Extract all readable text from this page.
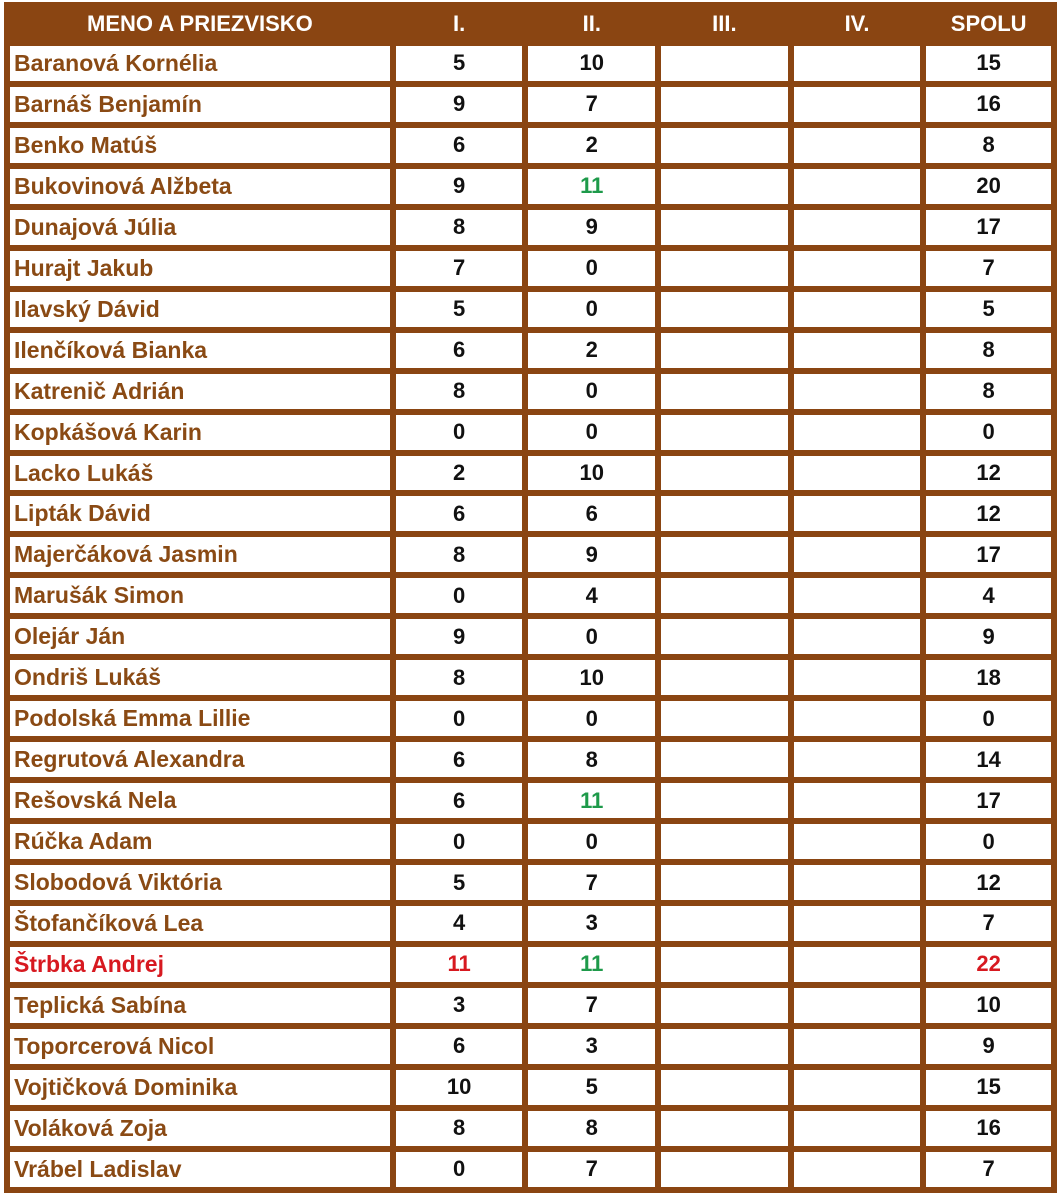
MENO A PRIEZVISKO	I.	II.	III.	IV.	SPOLU
Baranová Kornélia	5	10			15
Barnáš Benjamín	9	7			16
Benko Matúš	6	2			8
Bukovinová Alžbeta	9	11			20
Dunajová Júlia	8	9			17
Hurajt Jakub	7	0			7
Ilavský Dávid	5	0			5
Ilenčíková Bianka	6	2			8
Katrenič Adrián	8	0			8
Kopkášová Karin	0	0			0
Lacko Lukáš	2	10			12
Lipták Dávid	6	6			12
Majerčáková Jasmin	8	9			17
Marušák Simon	0	4			4
Olejár Ján	9	0			9
Ondriš Lukáš	8	10			18
Podolská Emma Lillie	0	0			0
Regrutová Alexandra	6	8			14
Rešovská Nela	6	11			17
Rúčka Adam	0	0			0
Slobodová Viktória	5	7			12
Štofančíková Lea	4	3			7
Štrbka Andrej	11	11			22
Teplická Sabína	3	7			10
Toporcerová Nicol	6	3			9
Vojtičková Dominika	10	5			15
Voláková Zoja	8	8			16
Vrábel Ladislav	0	7			7
